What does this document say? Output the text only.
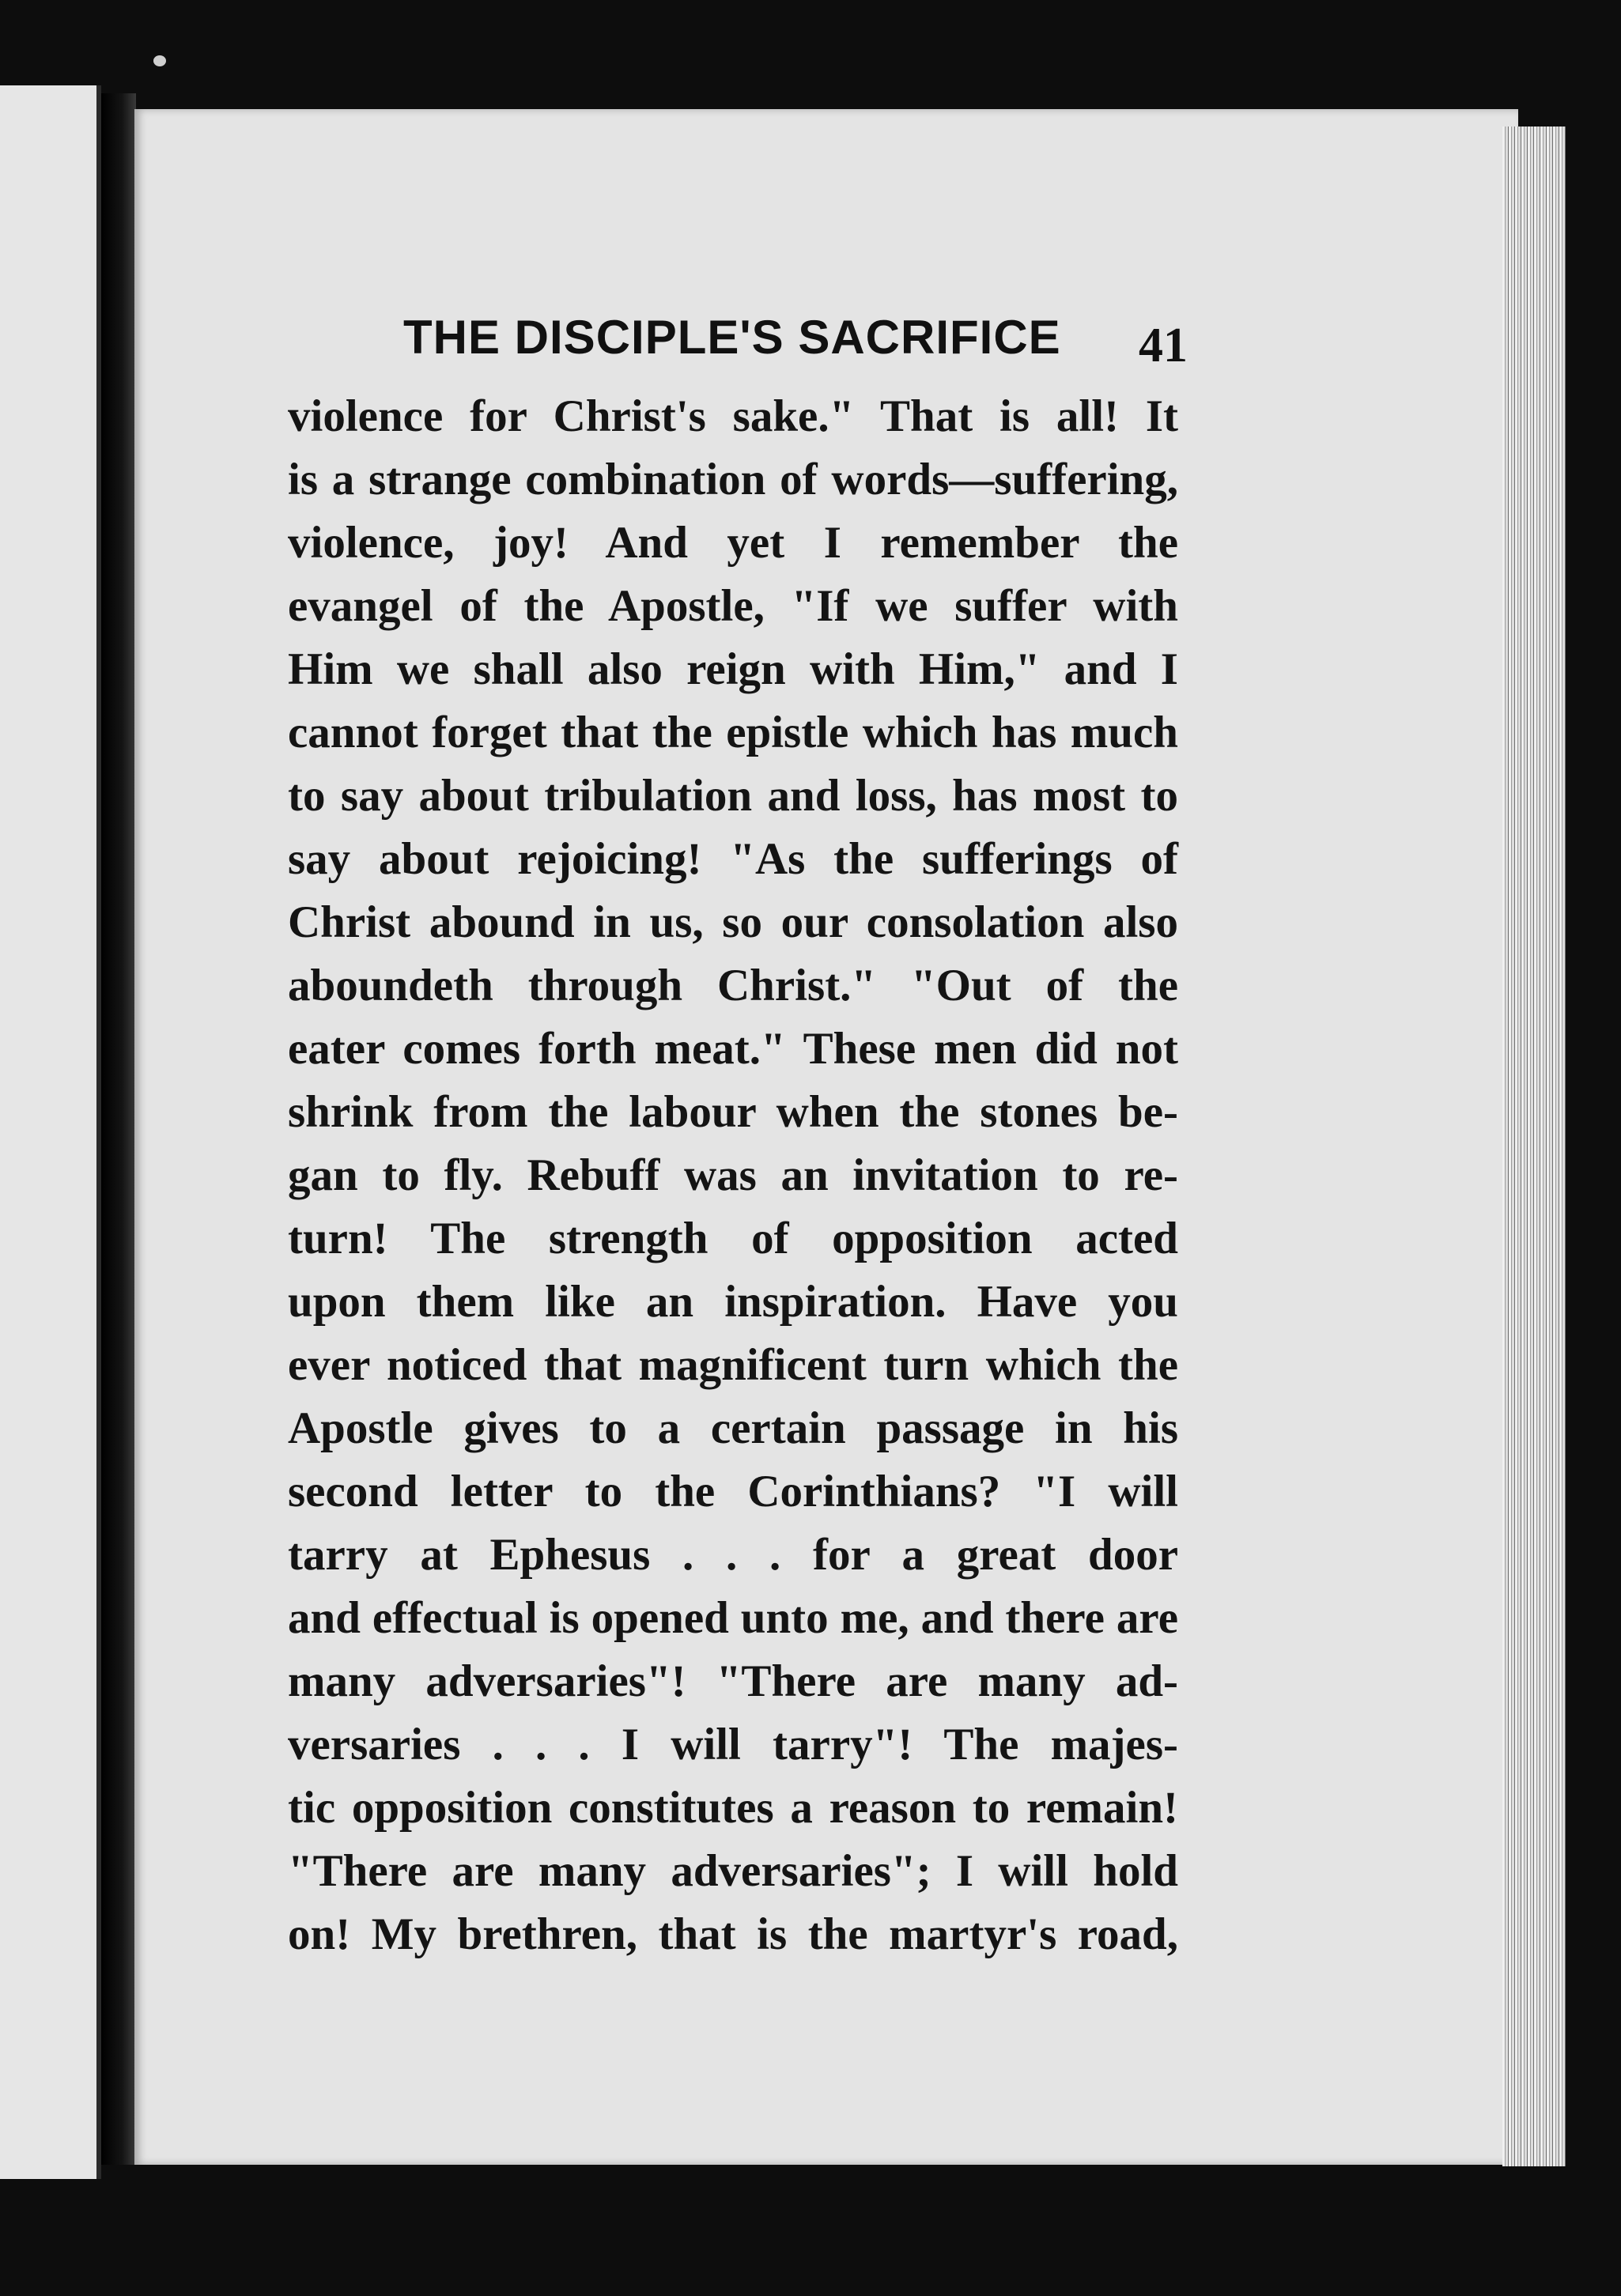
THE DISCIPLE'S SACRIFICE	41
violence for Christ's sake." That is all! It
is a strange combination of words—suffering,
violence, joy! And yet I remember the
evangel of the Apostle, "If we suffer with
Him we shall also reign with Him," and I
cannot forget that the epistle which has much
to say about tribulation and loss, has most to
say about rejoicing! "As the sufferings of
Christ abound in us, so our consolation also
aboundeth through Christ." "Out of the
eater comes forth meat." These men did not
shrink from the labour when the stones be-
gan to fly. Rebuff was an invitation to re-
turn! The strength of opposition acted
upon them like an inspiration. Have you
ever noticed that magnificent turn which the
Apostle gives to a certain passage in his
second letter to the Corinthians? "I will
tarry at Ephesus . . . for a great door
and effectual is opened unto me, and there are
many adversaries"! "There are many ad-
versaries . . . I will tarry"! The majes-
tic opposition constitutes a reason to remain!
"There are many adversaries"; I will hold
on! My brethren, that is the martyr's road,
